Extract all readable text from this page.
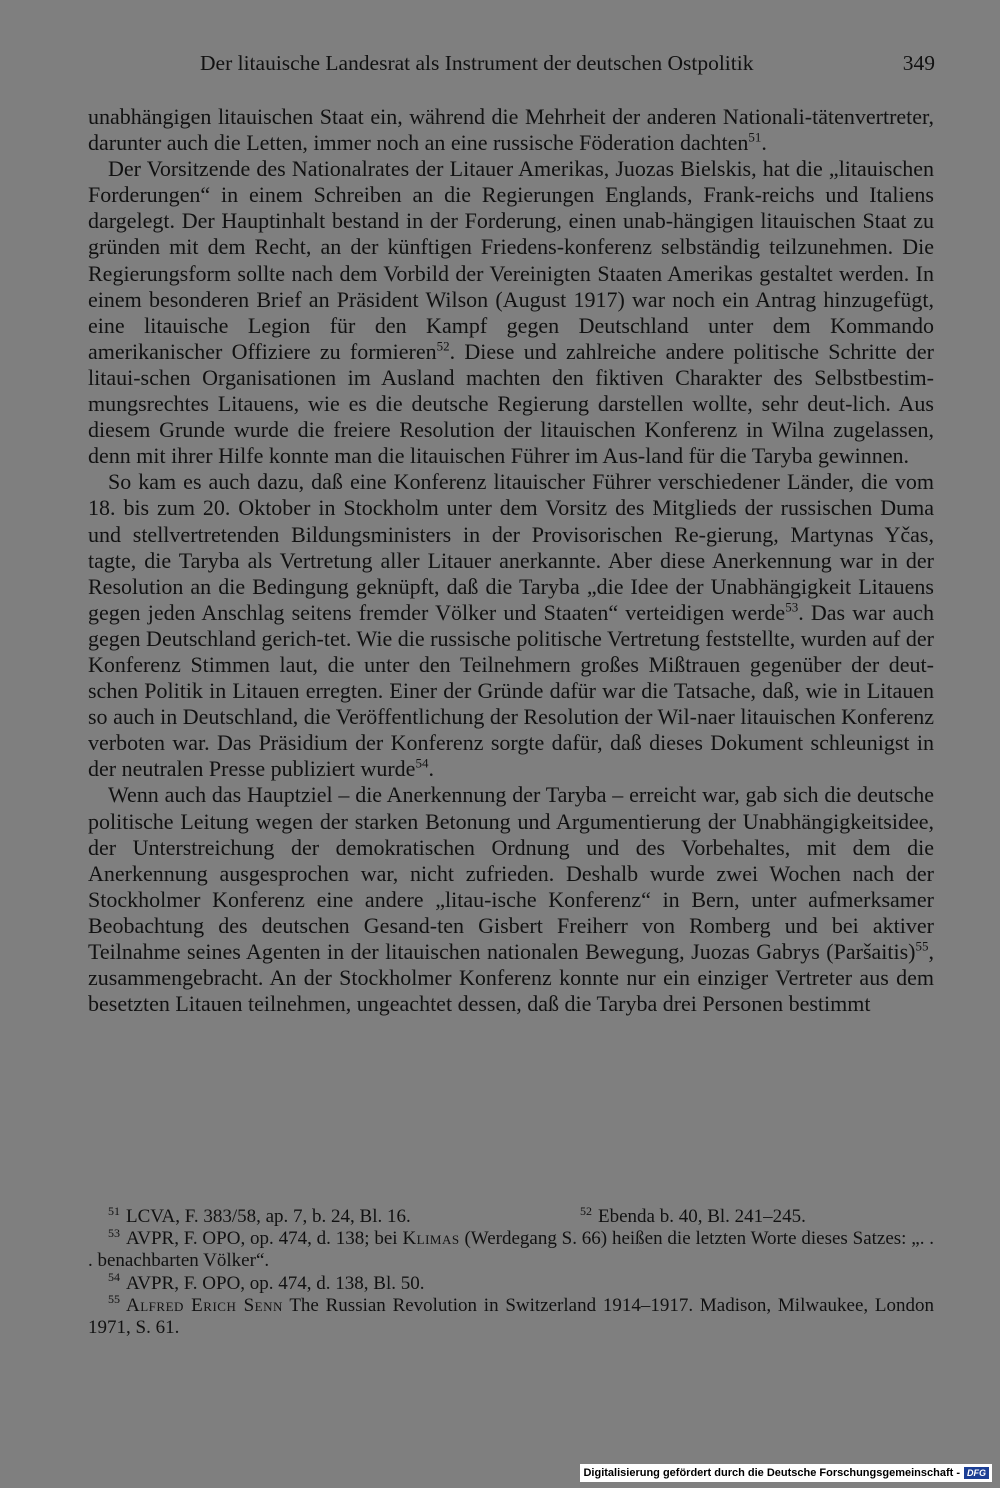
Der litauische Landesrat als Instrument der deutschen Ostpolitik	349

unabhängigen litauischen Staat ein, während die Mehrheit der anderen Nationali-tätenvertreter, darunter auch die Letten, immer noch an eine russische Föderation dachten$^{51}$.

Der Vorsitzende des Nationalrates der Litauer Amerikas, Juozas Bielskis, hat die „litauischen Forderungen“ in einem Schreiben an die Regierungen Englands, Frank-reichs und Italiens dargelegt. Der Hauptinhalt bestand in der Forderung, einen unab-hängigen litauischen Staat zu gründen mit dem Recht, an der künftigen Friedens-konferenz selbständig teilzunehmen. Die Regierungsform sollte nach dem Vorbild der Vereinigten Staaten Amerikas gestaltet werden. In einem besonderen Brief an Präsident Wilson (August 1917) war noch ein Antrag hinzugefügt, eine litauische Legion für den Kampf gegen Deutschland unter dem Kommando amerikanischer Offiziere zu formieren$^{52}$. Diese und zahlreiche andere politische Schritte der litaui-schen Organisationen im Ausland machten den fiktiven Charakter des Selbstbestim-mungsrechtes Litauens, wie es die deutsche Regierung darstellen wollte, sehr deut-lich. Aus diesem Grunde wurde die freiere Resolution der litauischen Konferenz in Wilna zugelassen, denn mit ihrer Hilfe konnte man die litauischen Führer im Aus-land für die Taryba gewinnen.

So kam es auch dazu, daß eine Konferenz litauischer Führer verschiedener Länder, die vom 18. bis zum 20. Oktober in Stockholm unter dem Vorsitz des Mitglieds der russischen Duma und stellvertretenden Bildungsministers in der Provisorischen Re-gierung, Martynas Yčas, tagte, die Taryba als Vertretung aller Litauer anerkannte. Aber diese Anerkennung war in der Resolution an die Bedingung geknüpft, daß die Taryba „die Idee der Unabhängigkeit Litauens gegen jeden Anschlag seitens fremder Völker und Staaten“ verteidigen werde$^{53}$. Das war auch gegen Deutschland gerich-tet. Wie die russische politische Vertretung feststellte, wurden auf der Konferenz Stimmen laut, die unter den Teilnehmern großes Mißtrauen gegenüber der deut-schen Politik in Litauen erregten. Einer der Gründe dafür war die Tatsache, daß, wie in Litauen so auch in Deutschland, die Veröffentlichung der Resolution der Wil-naer litauischen Konferenz verboten war. Das Präsidium der Konferenz sorgte dafür, daß dieses Dokument schleunigst in der neutralen Presse publiziert wurde$^{54}$.

Wenn auch das Hauptziel – die Anerkennung der Taryba – erreicht war, gab sich die deutsche politische Leitung wegen der starken Betonung und Argumentierung der Unabhängigkeitsidee, der Unterstreichung der demokratischen Ordnung und des Vorbehaltes, mit dem die Anerkennung ausgesprochen war, nicht zufrieden. Deshalb wurde zwei Wochen nach der Stockholmer Konferenz eine andere „litau-ische Konferenz“ in Bern, unter aufmerksamer Beobachtung des deutschen Gesand-ten Gisbert Freiherr von Romberg und bei aktiver Teilnahme seines Agenten in der litauischen nationalen Bewegung, Juozas Gabrys (Paršaitis)$^{55}$, zusammengebracht. An der Stockholmer Konferenz konnte nur ein einziger Vertreter aus dem besetzten Litauen teilnehmen, ungeachtet dessen, daß die Taryba drei Personen bestimmt

$^{51}$ LCVA, F. 383/58, ap. 7, b. 24, Bl. 16.	$^{52}$ Ebenda b. 40, Bl. 241–245.

$^{53}$ AVPR, F. OPO, op. 474, d. 138; bei Klimas (Werdegang S. 66) heißen die letzten Worte dieses Satzes: „. . . benachbarten Völker“.

$^{54}$ AVPR, F. OPO, op. 474, d. 138, Bl. 50.

$^{55}$ Alfred Erich Senn The Russian Revolution in Switzerland 1914–1917. Madison, Milwaukee, London 1971, S. 61.

Digitalisierung gefördert durch die Deutsche Forschungsgemeinschaft - DFG
